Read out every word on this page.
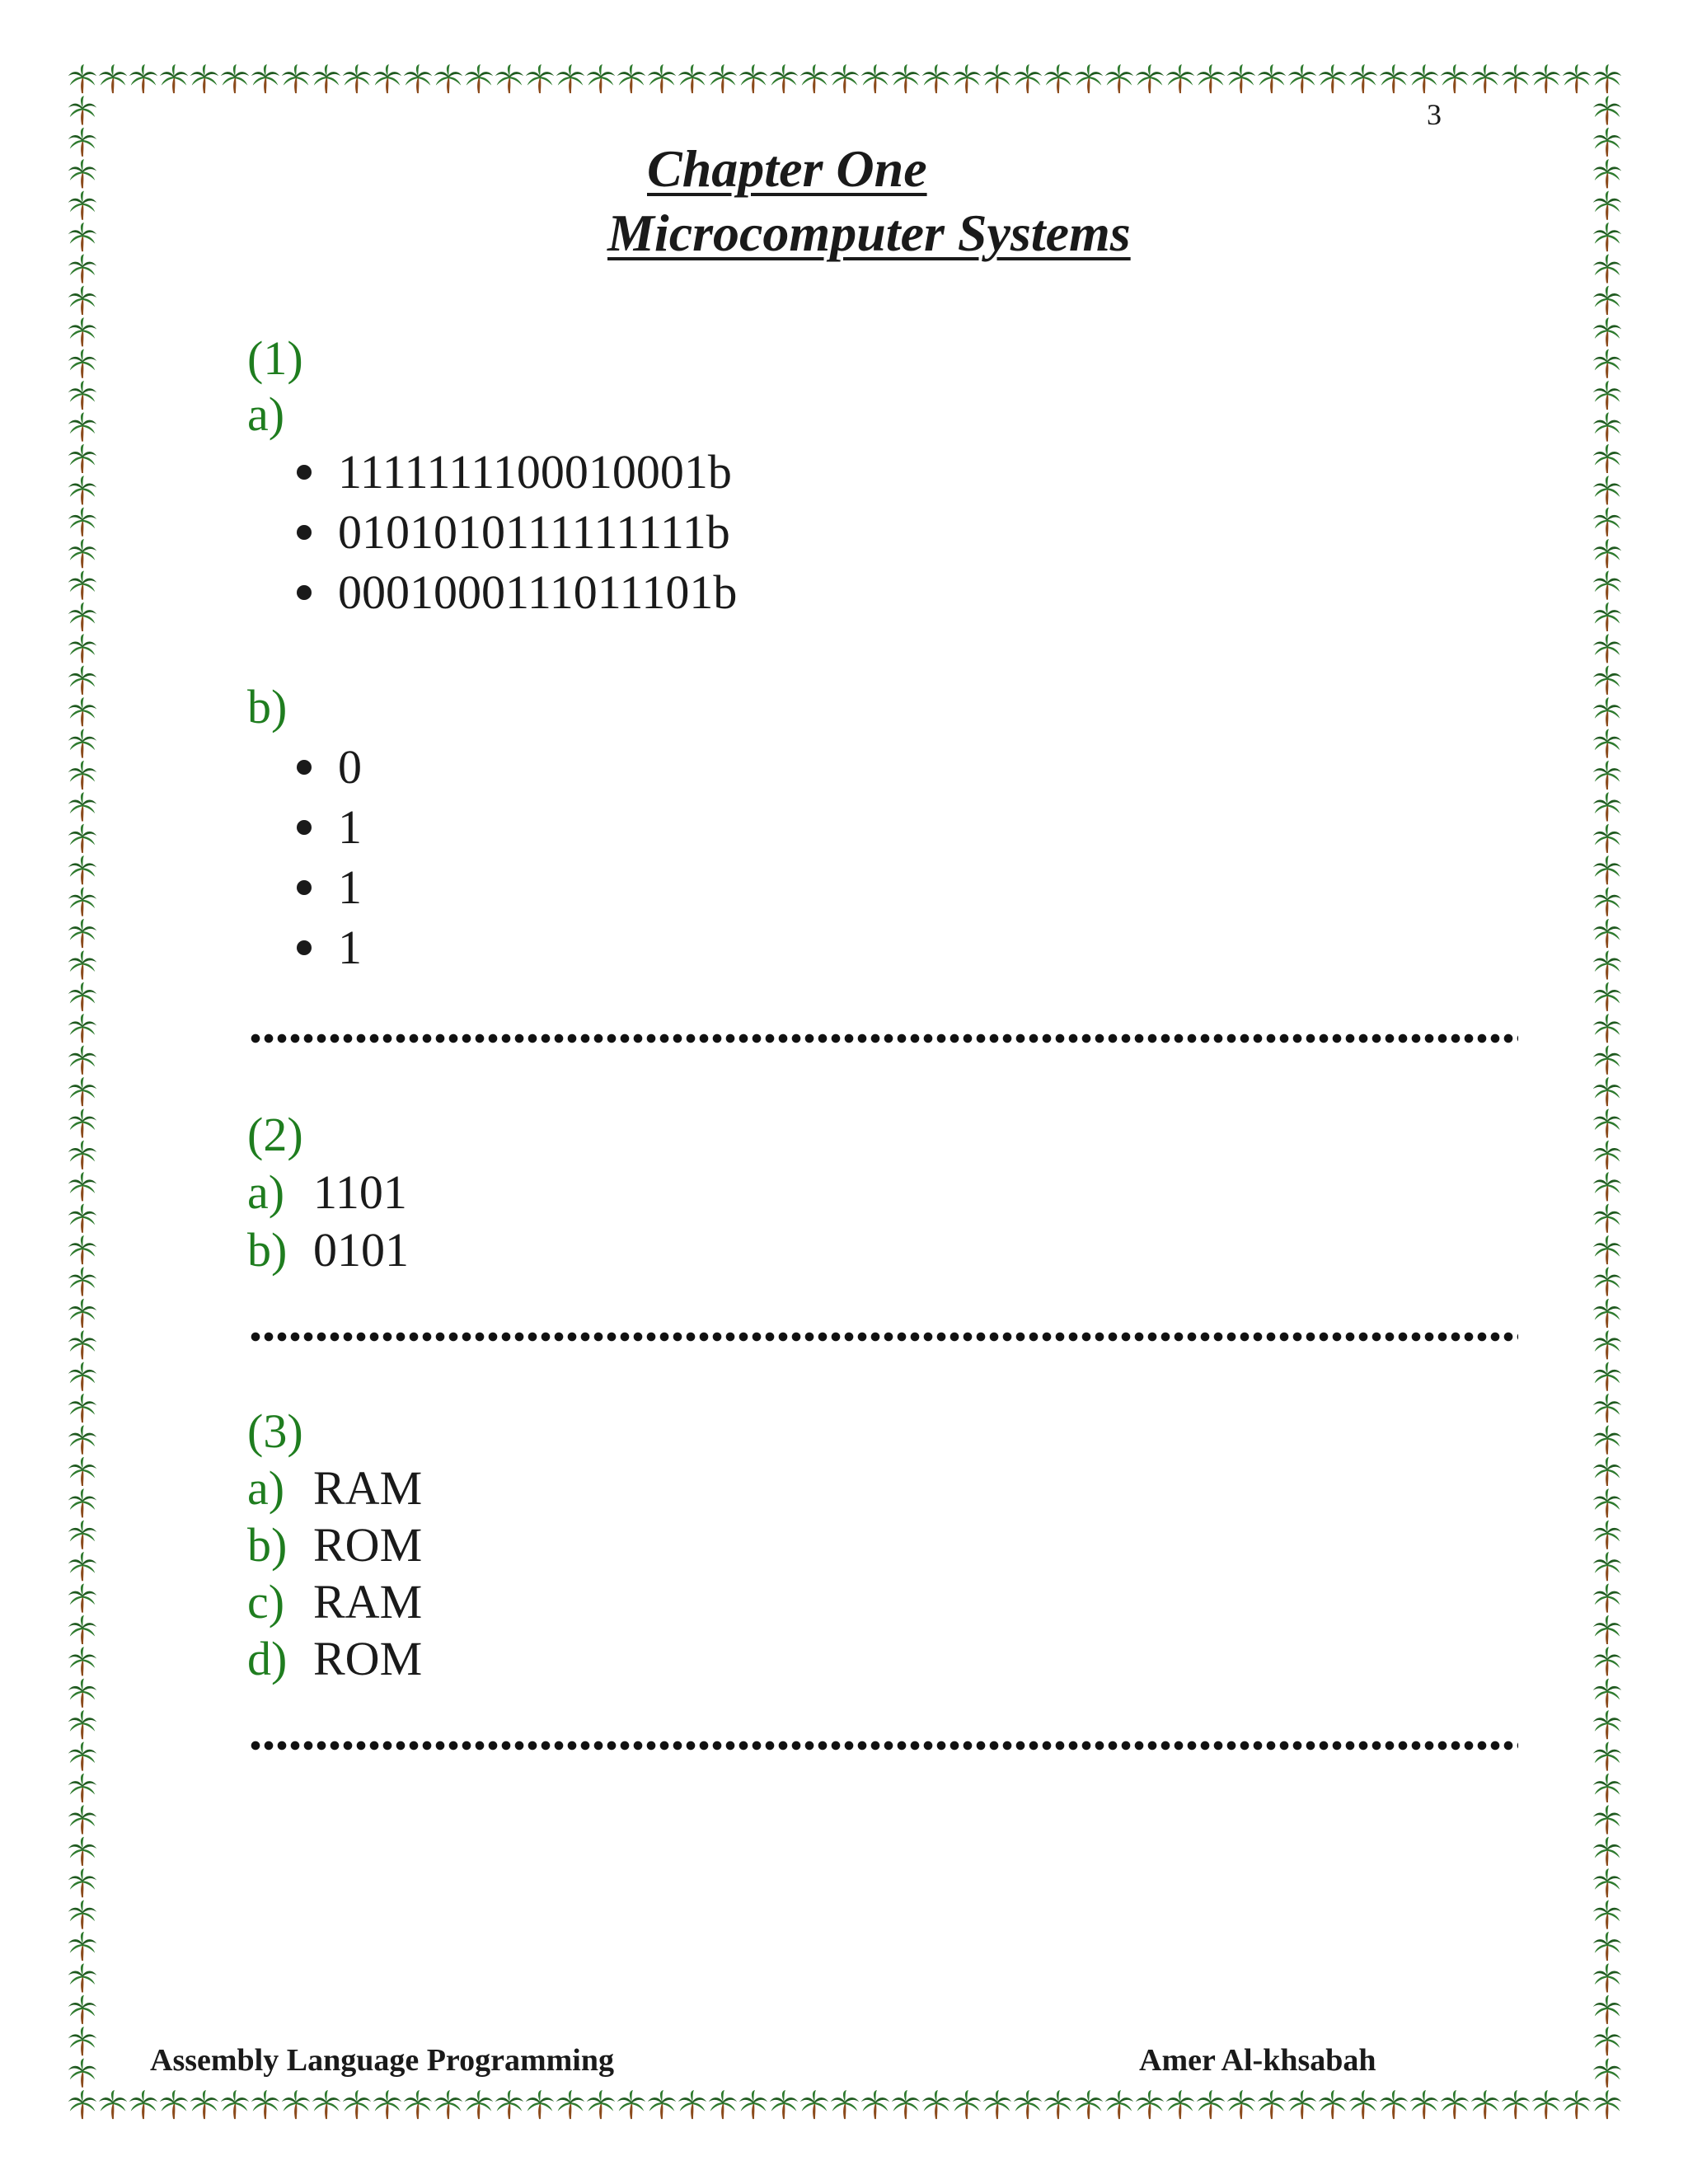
3
Chapter One
Microcomputer Systems
(1)
a)
1111111100010001b
0101010111111111b
0001000111011101b
b)
0
1
1
1
(2)
a) 1101
b) 0101
(3)
a) RAM
b) ROM
c) RAM
d) ROM
Assembly Language Programming	Amer Al-khsabah
